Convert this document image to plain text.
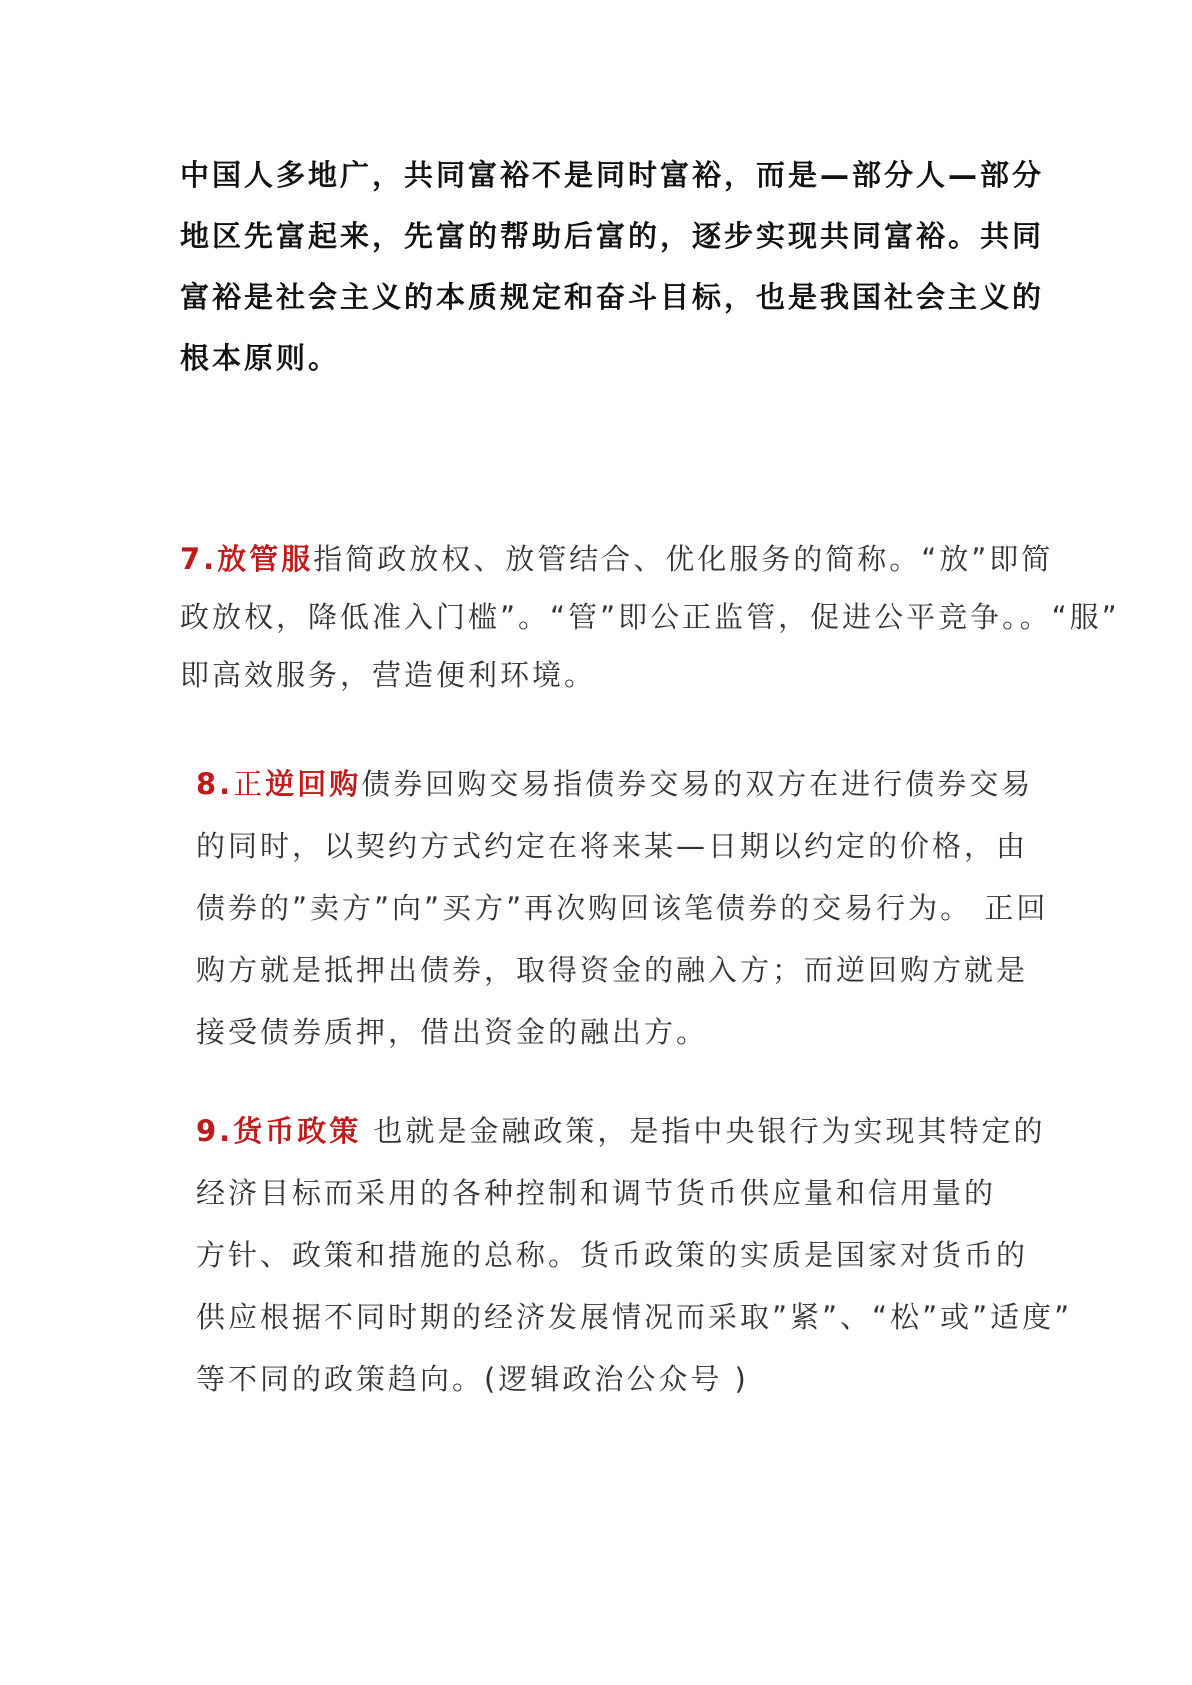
中国人多地广，共同富裕不是同时富裕，而是—部分人—部分
地区先富起来，先富的帮助后富的，逐步实现共同富裕。共同
富裕是社会主义的本质规定和奋斗目标，也是我国社会主义的
根本原则。

7.放管服指简政放权、放管结合、优化服务的简称。“放”即简
政放权，降低准入门槛”。“管”即公正监管，促进公平竞争。。“服”
即高效服务，营造便利环境。

8.正逆回购债券回购交易指债券交易的双方在进行债券交易
的同时，以契约方式约定在将来某—日期以约定的价格，由
债券的”卖方”向”买方”再次购回该笔债券的交易行为。 正回
购方就是抵押出债券，取得资金的融入方；而逆回购方就是
接受债券质押，借出资金的融出方。

9.货币政策 也就是金融政策，是指中央银行为实现其特定的
经济目标而采用的各种控制和调节货币供应量和信用量的
方针、政策和措施的总称。货币政策的实质是国家对货币的
供应根据不同时期的经济发展情况而采取”紧”、“松”或”适度”
等不同的政策趋向。(逻辑政治公众号 )
